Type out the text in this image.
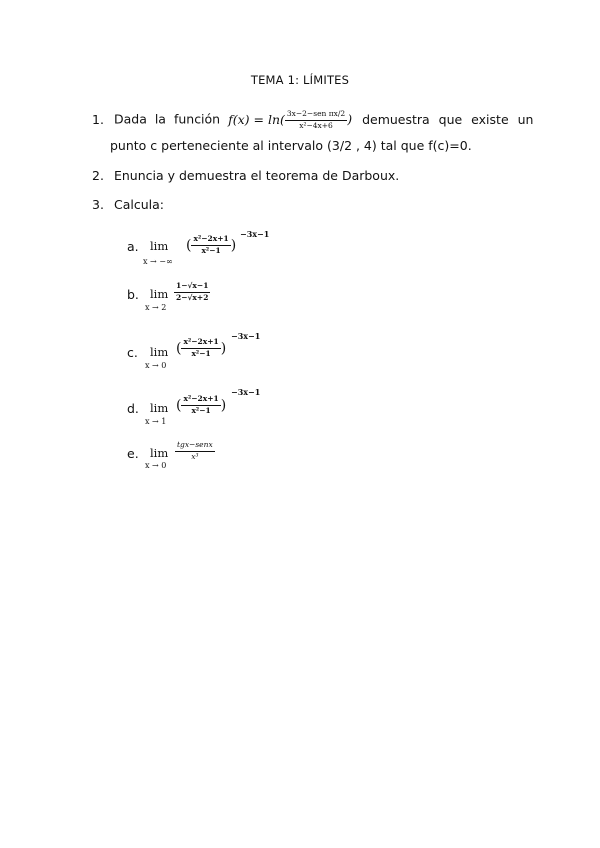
TEMA 1: LÍMITES
1. Dada la función $f(x) = \ln( \frac{\text{3x−2−sen πx/2}}{\text{x²−4x+6}}$ ) demuestra que existe un
punto c perteneciente al intervalo (3/2 , 4) tal que f(c)=0.
2. Enuncia y demuestra el teorema de Darboux.
3. Calcula:
a. lim
x → −∞
( $\frac{\text{x²−2x+1}}{\text{x²−1}}$ )
−3x−1
b. lim
x → 2
$\frac{1-√x-1}{2-√x+2}$
c. lim
x → 0
( $\frac{\text{x²−2x+1}}{\text{x²−1}}$ )
−3x−1
d. lim
x → 1
( $\frac{\text{x²−2x+1}}{\text{x²−1}}$ )
−3x−1
e. lim
x → 0
$\frac{\text{tgx−senx}}{\text{x³}}$
